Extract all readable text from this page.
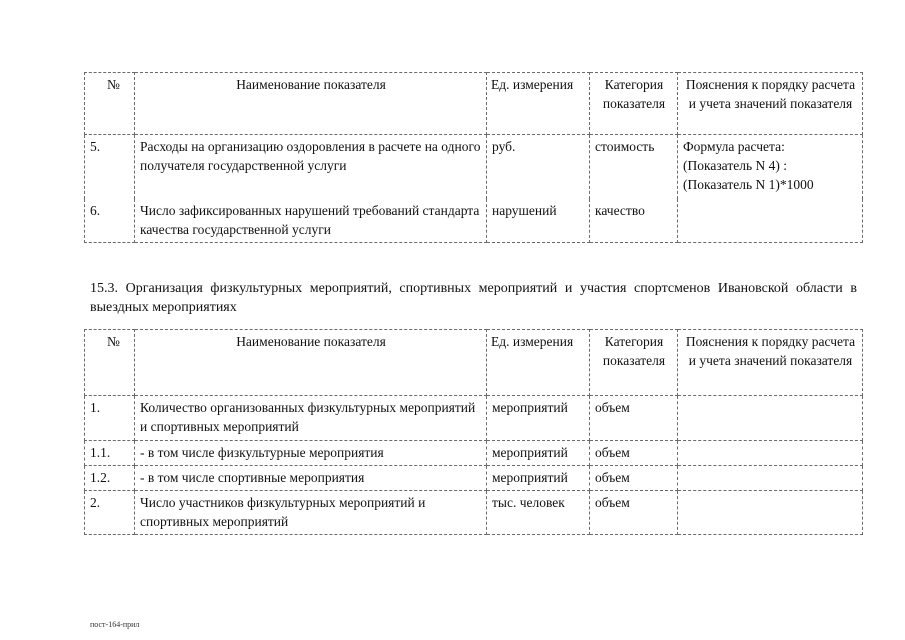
№	Наименование показателя	Ед. измерения	Категория показателя	Пояснения к порядку расчета и учета значений показателя
5.	Расходы на организацию оздоровления в расчете на одного получателя государственной услуги	руб.	стоимость	Формула расчета:
(Показатель N 4) :
(Показатель N 1)*1000

6.	Число зафиксированных нарушений требований стандарта качества государственной услуги	нарушений	качество	
15.3. Организация физкультурных мероприятий, спортивных мероприятий и участия спортсменов Ивановской области в выездных мероприятиях
№	Наименование показателя	Ед. измерения	Категория показателя	Пояснения к порядку расчета и учета значений показателя
1.	Количество организованных физкультурных мероприятий и спортивных мероприятий	мероприятий	объем	
1.1.	- в том числе физкультурные мероприятия	мероприятий	объем	
1.2.	- в том числе спортивные мероприятия	мероприятий	объем	
2.	Число участников физкультурных мероприятий и спортивных мероприятий	тыс. человек	объем	
пост-164-прил
